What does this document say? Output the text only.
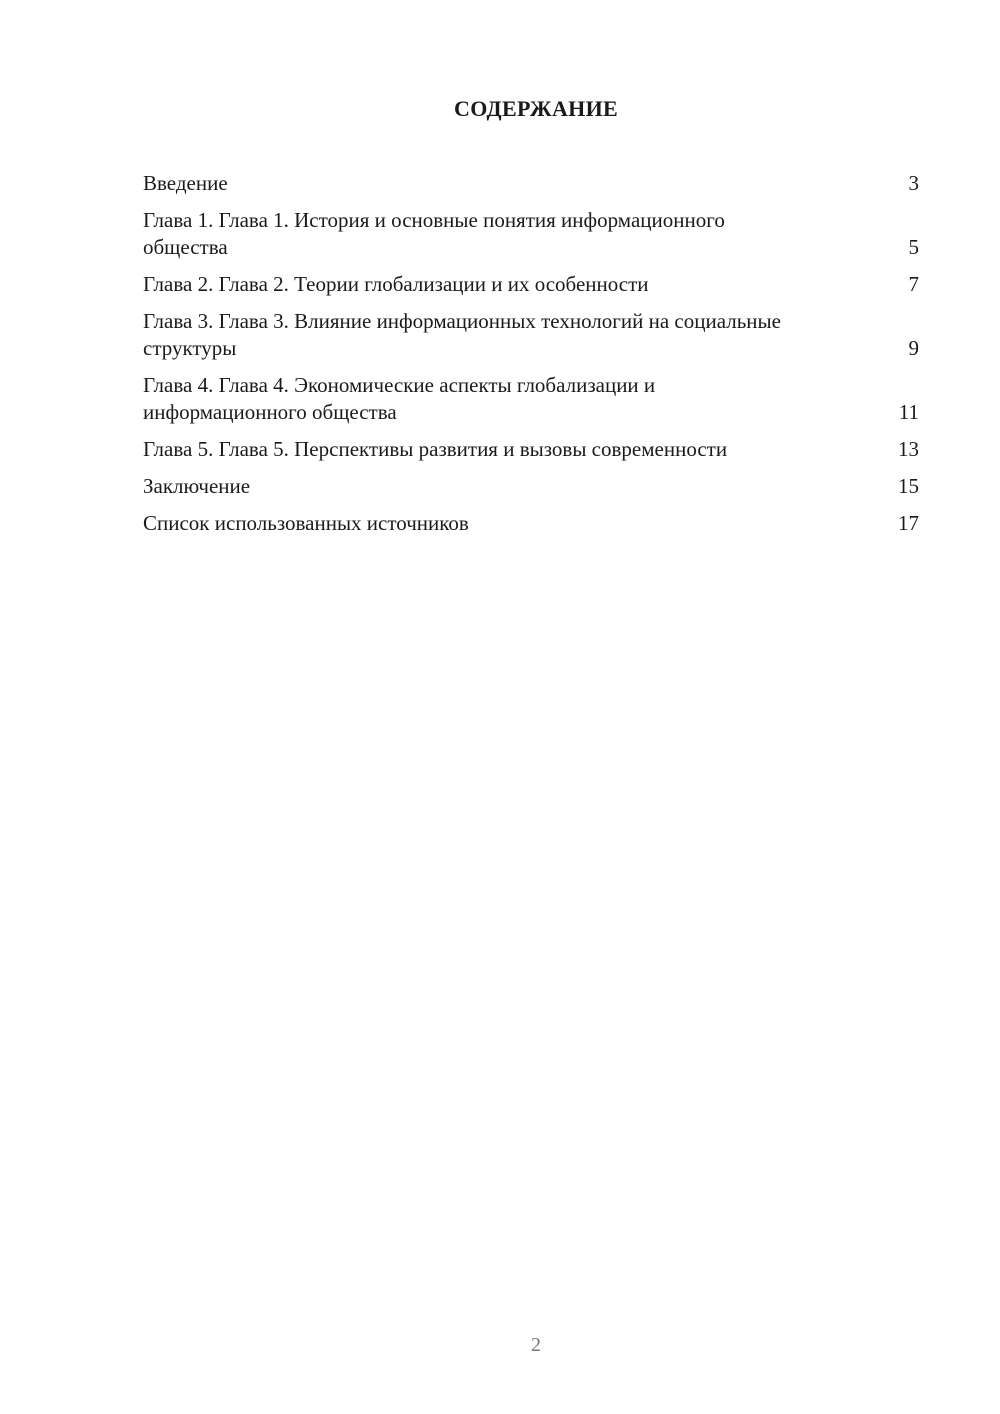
СОДЕРЖАНИЕ
Введение	3
Глава 1. Глава 1. История и основные понятия информационного общества	5
Глава 2. Глава 2. Теории глобализации и их особенности	7
Глава 3. Глава 3. Влияние информационных технологий на социальные структуры	9
Глава 4. Глава 4. Экономические аспекты глобализации и информационного общества	11
Глава 5. Глава 5. Перспективы развития и вызовы современности	13
Заключение	15
Список использованных источников	17
2
